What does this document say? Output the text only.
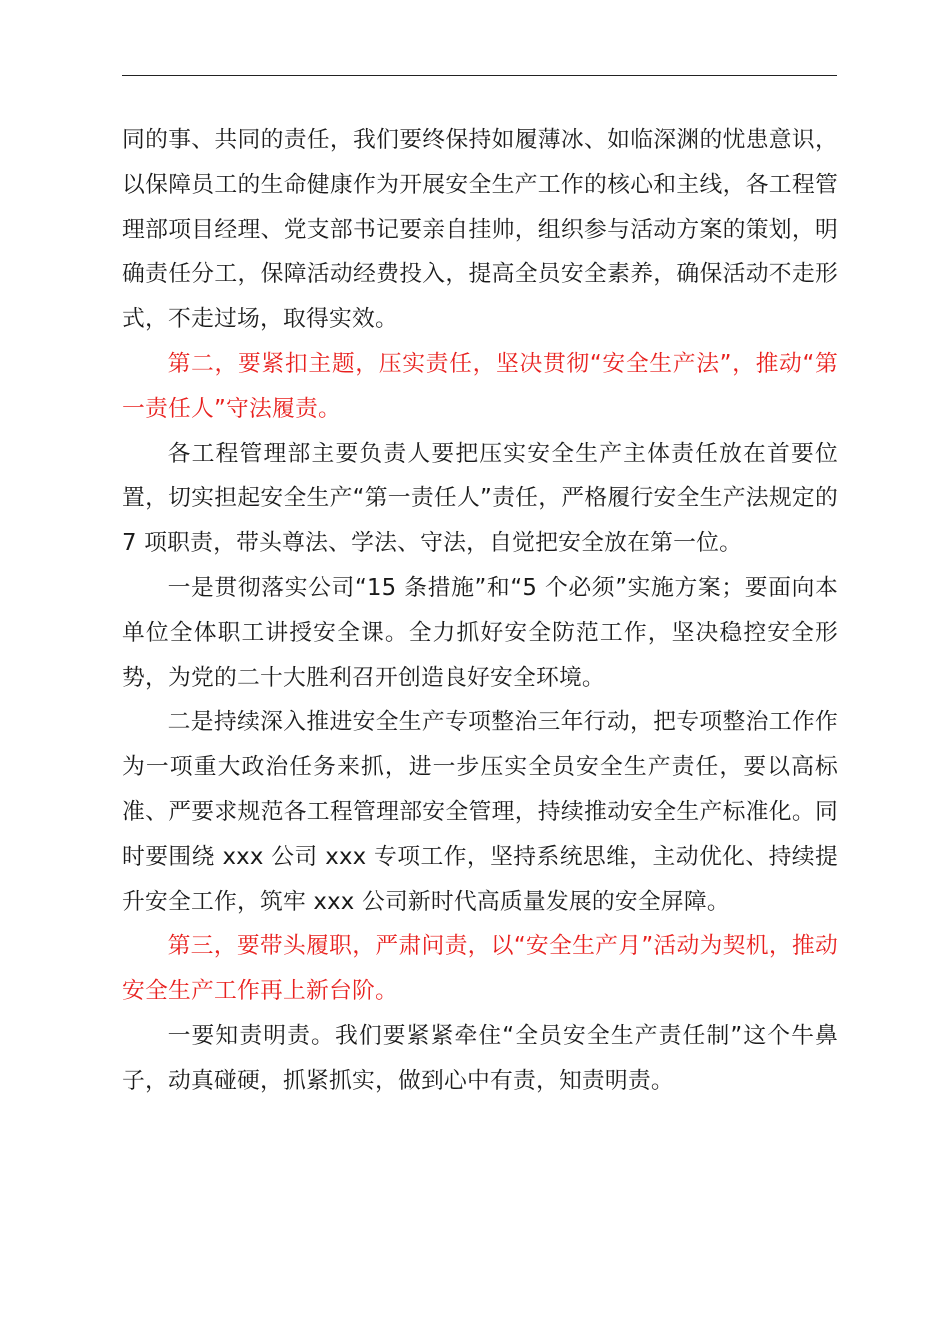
同的事、共同的责任，我们要终保持如履薄冰、如临深渊的忧患意识，以保障员工的生命健康作为开展安全生产工作的核心和主线，各工程管理部项目经理、党支部书记要亲自挂帅，组织参与活动方案的策划，明确责任分工，保障活动经费投入，提高全员安全素养，确保活动不走形式，不走过场，取得实效。

第二，要紧扣主题，压实责任，坚决贯彻“安全生产法”，推动“第一责任人”守法履责。

各工程管理部主要负责人要把压实安全生产主体责任放在首要位置，切实担起安全生产“第一责任人”责任，严格履行安全生产法规定的 7 项职责，带头尊法、学法、守法，自觉把安全放在第一位。

一是贯彻落实公司“15 条措施”和“5 个必须”实施方案；要面向本单位全体职工讲授安全课。全力抓好安全防范工作，坚决稳控安全形势，为党的二十大胜利召开创造良好安全环境。

二是持续深入推进安全生产专项整治三年行动，把专项整治工作作为一项重大政治任务来抓，进一步压实全员安全生产责任，要以高标准、严要求规范各工程管理部安全管理，持续推动安全生产标准化。同时要围绕 xxx 公司 xxx 专项工作，坚持系统思维，主动优化、持续提升安全工作，筑牢 xxx 公司新时代高质量发展的安全屏障。

第三，要带头履职，严肃问责，以“安全生产月”活动为契机，推动安全生产工作再上新台阶。

一要知责明责。我们要紧紧牵住“全员安全生产责任制”这个牛鼻子，动真碰硬，抓紧抓实，做到心中有责，知责明责。
